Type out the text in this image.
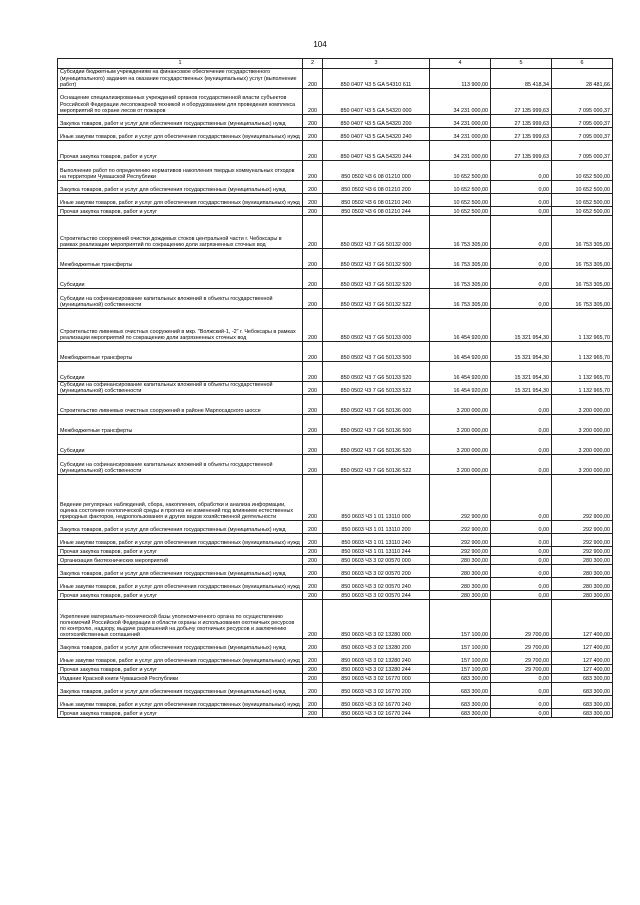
104
1	2	3	4	5	6
Субсидии бюджетным учреждениям на финансовое обеспечение государственного (муниципального) задания на оказание государственных (муниципальных) услуг (выполнение работ)	200	850 0407 Ч3 5 GA 54310 611	113 900,00	85 418,34	28 481,66
Оснащение специализированных учреждений органов государственной власти субъектов Российской Федерации лесопожарной техникой и оборудованием для проведения комплекса мероприятий по охране лесов от пожаров	200	850 0407 Ч3 5 GA 54320 000	34 231 000,00	27 135 999,63	7 095 000,37
Закупка товаров, работ и услуг для обеспечения государственных (муниципальных) нужд	200	850 0407 Ч3 5 GA 54320 200	34 231 000,00	27 135 999,63	7 095 000,37
Иные закупки товаров, работ и услуг для обеспечения государственных (муниципальных) нужд	200	850 0407 Ч3 5 GA 54320 240	34 231 000,00	27 135 999,63	7 095 000,37
Прочая закупка товаров, работ и услуг	200	850 0407 Ч3 5 GA 54320 244	34 231 000,00	27 135 999,63	7 095 000,37
Выполнение работ по определению нормативов накопления твердых коммунальных отходов на территории Чувашской Республики	200	850 0502 Ч3 6 08 01210 000	10 652 500,00	0,00	10 652 500,00
Закупка товаров, работ и услуг для обеспечения государственных (муниципальных) нужд	200	850 0502 Ч3 6 08 01210 200	10 652 500,00	0,00	10 652 500,00
Иные закупки товаров, работ и услуг для обеспечения государственных (муниципальных) нужд	200	850 0502 Ч3 6 08 01210 240	10 652 500,00	0,00	10 652 500,00
Прочая закупка товаров, работ и услуг	200	850 0502 Ч3 6 08 01210 244	10 652 500,00	0,00	10 652 500,00
Строительство сооружений очистки дождевых стоков центральной части г. Чебоксары в рамках реализации мероприятий по сокращению доли загрязненных сточных вод	200	850 0502 Ч3 7 G6 50132 000	16 753 305,00	0,00	16 753 305,00
Межбюджетные трансферты	200	850 0502 Ч3 7 G6 50132 500	16 753 305,00	0,00	16 753 305,00
Субсидии	200	850 0502 Ч3 7 G6 50132 520	16 753 305,00	0,00	16 753 305,00
Субсидии на софинансирование капитальных вложений в объекты государственной (муниципальной) собственности	200	850 0502 Ч3 7 G6 50132 522	16 753 305,00	0,00	16 753 305,00
Строительство ливневых очистных сооружений в мкр. "Волжский-1, -2" г. Чебоксары в рамках реализации мероприятий по сокращению доли загрязненных сточных вод	200	850 0502 Ч3 7 G6 50133 000	16 454 920,00	15 321 954,30	1 132 965,70
Межбюджетные трансферты	200	850 0502 Ч3 7 G6 50133 500	16 454 920,00	15 321 954,30	1 132 965,70
Субсидии	200	850 0502 Ч3 7 G6 50133 520	16 454 920,00	15 321 954,30	1 132 965,70
Субсидии на софинансирование капитальных вложений в объекты государственной (муниципальной) собственности	200	850 0502 Ч3 7 G6 50133 522	16 454 920,00	15 321 954,30	1 132 965,70
Строительство ливневых очистных сооружений в районе Марпосадского шоссе	200	850 0502 Ч3 7 G6 50136 000	3 200 000,00	0,00	3 200 000,00
Межбюджетные трансферты	200	850 0502 Ч3 7 G6 50136 500	3 200 000,00	0,00	3 200 000,00
Субсидии	200	850 0502 Ч3 7 G6 50136 520	3 200 000,00	0,00	3 200 000,00
Субсидии на софинансирование капитальных вложений в объекты государственной (муниципальной) собственности	200	850 0502 Ч3 7 G6 50136 522	3 200 000,00	0,00	3 200 000,00
Ведение регулярных наблюдений, сбора, накопления, обработки и анализа информации, оценка состояния геологической среды и прогноз ее изменений под влиянием естественных природных факторов, недропользования и других видов хозяйственной деятельности	200	850 0603 Ч3 1 01 13110 000	292 900,00	0,00	292 900,00
Закупка товаров, работ и услуг для обеспечения государственных (муниципальных) нужд	200	850 0603 Ч3 1 01 13110 200	292 900,00	0,00	292 900,00
Иные закупки товаров, работ и услуг для обеспечения государственных (муниципальных) нужд	200	850 0603 Ч3 1 01 13110 240	292 900,00	0,00	292 900,00
Прочая закупка товаров, работ и услуг	200	850 0603 Ч3 1 01 13110 244	292 900,00	0,00	292 900,00
Организация биотехнических мероприятий	200	850 0603 Ч3 3 02 00570 000	280 300,00	0,00	280 300,00
Закупка товаров, работ и услуг для обеспечения государственных (муниципальных) нужд	200	850 0603 Ч3 3 02 00570 200	280 300,00	0,00	280 300,00
Иные закупки товаров, работ и услуг для обеспечения государственных (муниципальных) нужд	200	850 0603 Ч3 3 02 00570 240	280 300,00	0,00	280 300,00
Прочая закупка товаров, работ и услуг	200	850 0603 Ч3 3 02 00570 244	280 300,00	0,00	280 300,00
Укрепление материально-технической базы уполномоченного органа по осуществлению полномочий Российской Федерации в области охраны и использования охотничьих ресурсов по контролю, надзору, выдаче разрешений на добычу охотничьих ресурсов и заключению охотхозяйственных соглашений	200	850 0603 Ч3 3 02 13280 000	157 100,00	29 700,00	127 400,00
Закупка товаров, работ и услуг для обеспечения государственных (муниципальных) нужд	200	850 0603 Ч3 3 02 13280 200	157 100,00	29 700,00	127 400,00
Иные закупки товаров, работ и услуг для обеспечения государственных (муниципальных) нужд	200	850 0603 Ч3 3 02 13280 240	157 100,00	29 700,00	127 400,00
Прочая закупка товаров, работ и услуг	200	850 0603 Ч3 3 02 13280 244	157 100,00	29 700,00	127 400,00
Издание Красной книги Чувашской Республики	200	850 0603 Ч3 3 02 16770 000	683 300,00	0,00	683 300,00
Закупка товаров, работ и услуг для обеспечения государственных (муниципальных) нужд	200	850 0603 Ч3 3 02 16770 200	683 300,00	0,00	683 300,00
Иные закупки товаров, работ и услуг для обеспечения государственных (муниципальных) нужд	200	850 0603 Ч3 3 02 16770 240	683 300,00	0,00	683 300,00
Прочая закупка товаров, работ и услуг	200	850 0603 Ч3 3 02 16770 244	683 300,00	0,00	683 300,00
